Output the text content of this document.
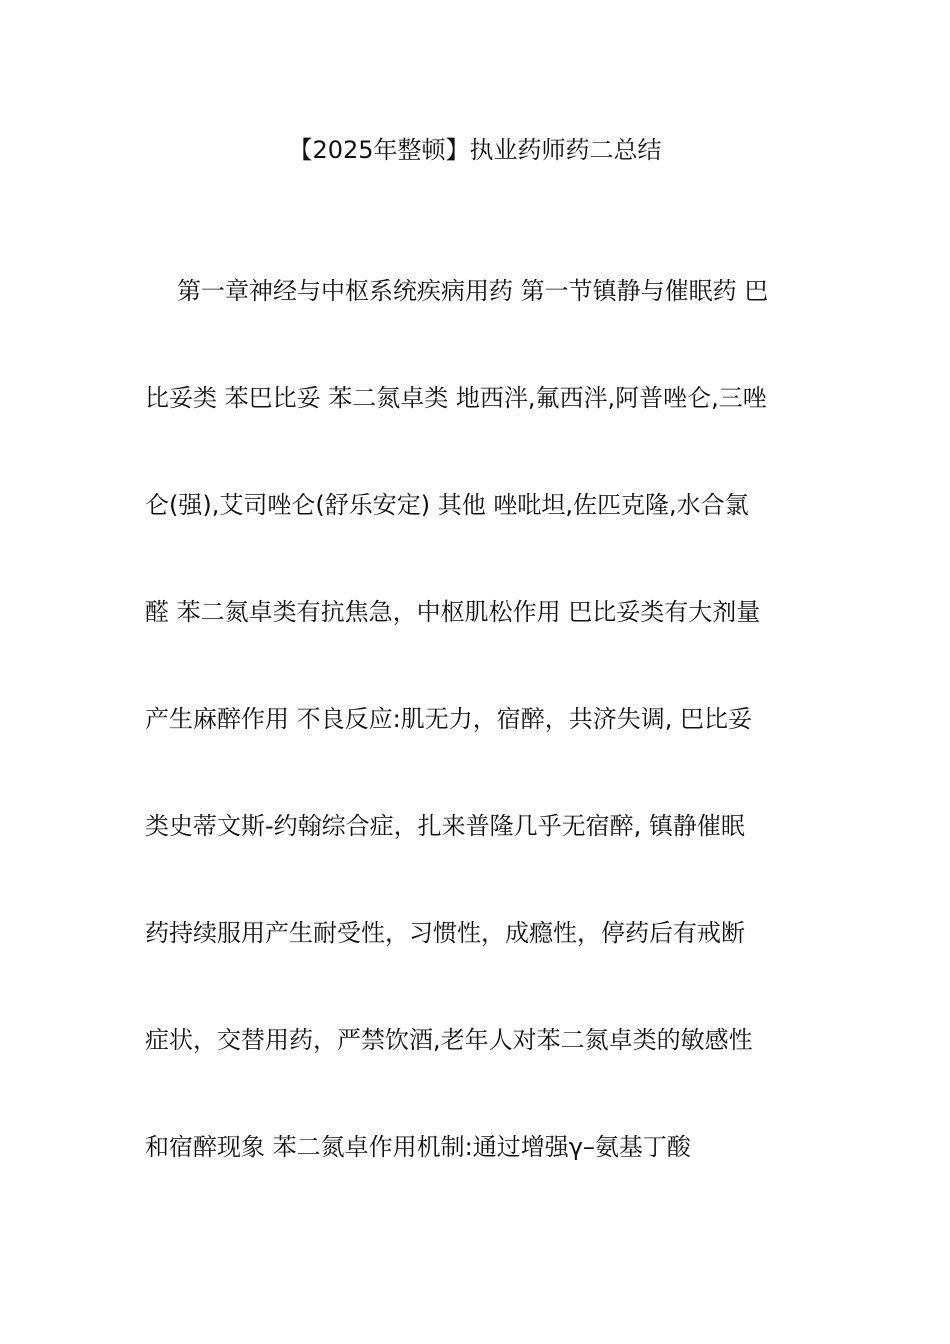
【2025年整顿】执业药师药二总结
第一章神经与中枢系统疾病用药 第一节镇静与催眠药 巴
比妥类 苯巴比妥 苯二氮卓类 地西泮,氟西泮,阿普唑仑,三唑
仑(强),艾司唑仑(舒乐安定) 其他 唑吡坦,佐匹克隆,水合氯
醛 苯二氮卓类有抗焦急，中枢肌松作用 巴比妥类有大剂量
产生麻醉作用 不良反应:肌无力，宿醉，共济失调, 巴比妥
类史蒂文斯-约翰综合症，扎来普隆几乎无宿醉, 镇静催眠
药持续服用产生耐受性，习惯性，成瘾性，停药后有戒断
症状，交替用药，严禁饮酒,老年人对苯二氮卓类的敏感性
和宿醉现象 苯二氮卓作用机制:通过增强γ–氨基丁酸
